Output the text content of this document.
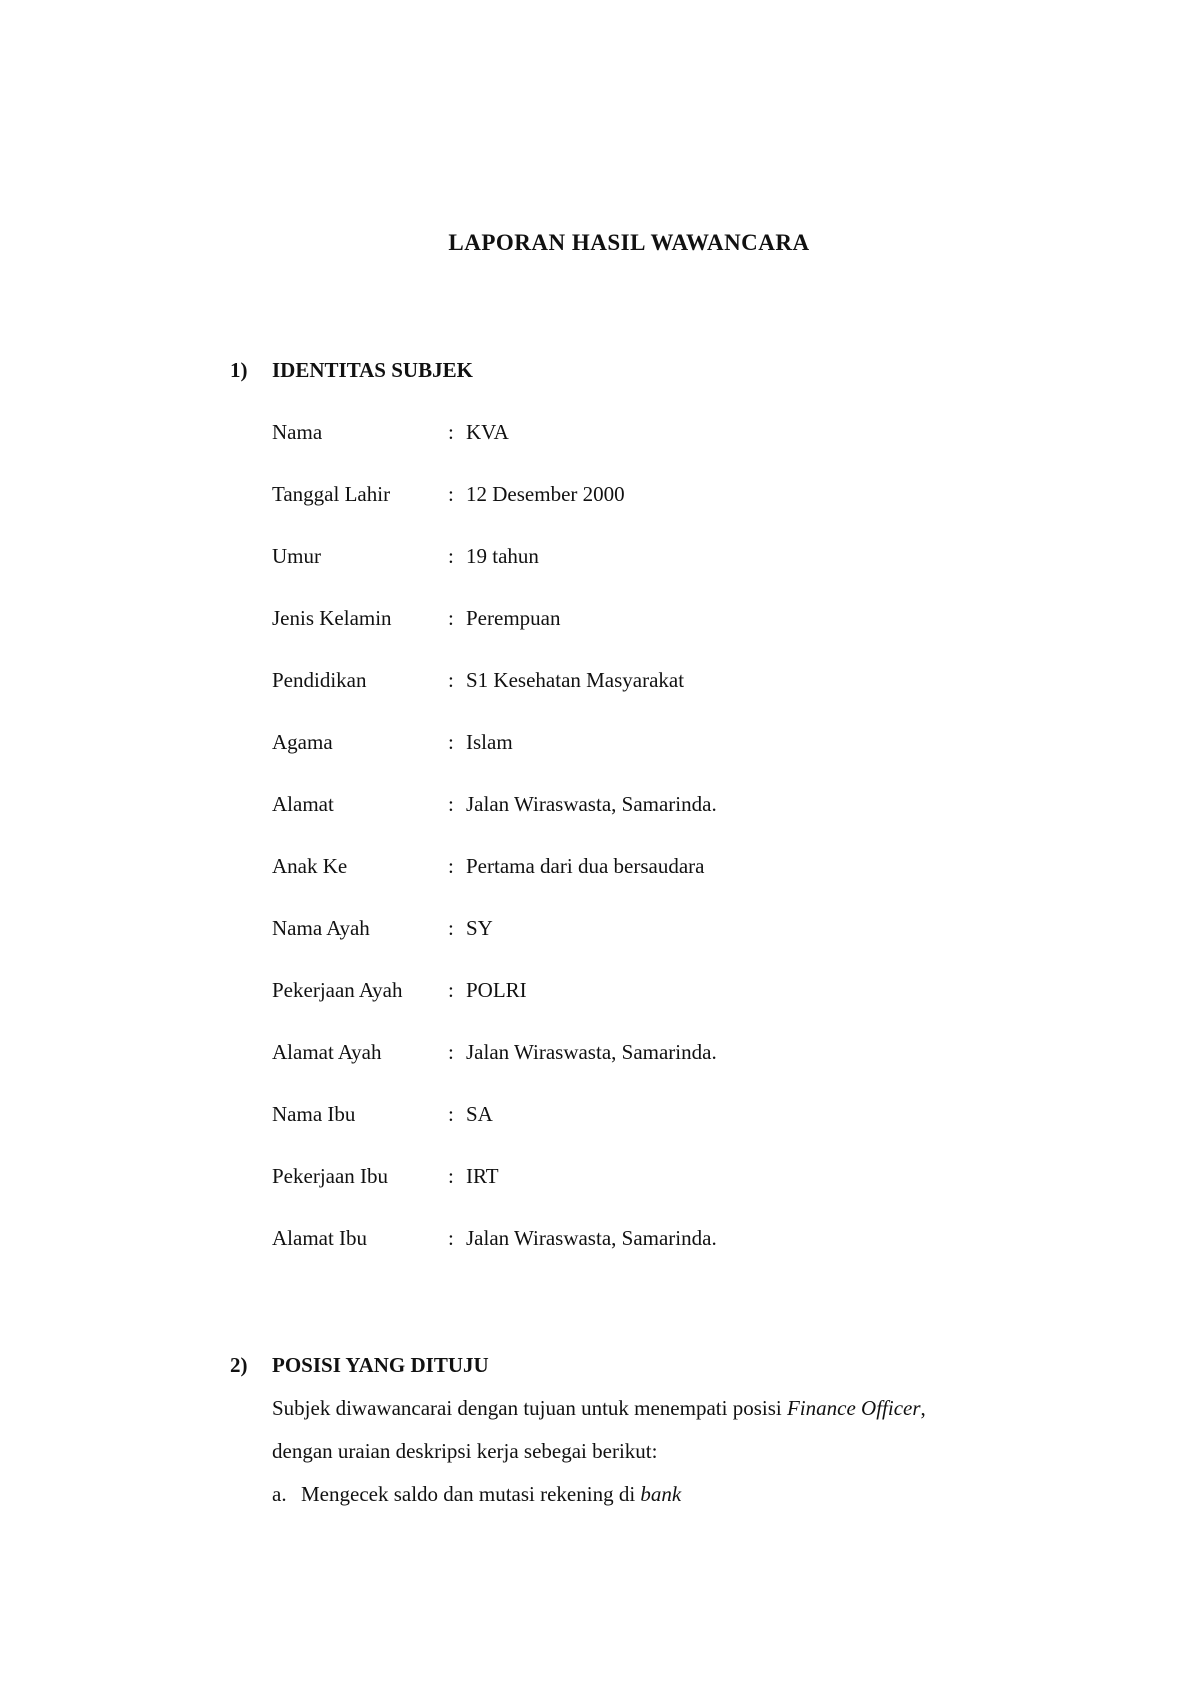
LAPORAN HASIL WAWANCARA
1) IDENTITAS SUBJEK
Nama	: KVA
Tanggal Lahir	: 12 Desember 2000
Umur	: 19 tahun
Jenis Kelamin	: Perempuan
Pendidikan	: S1 Kesehatan Masyarakat
Agama	: Islam
Alamat	: Jalan Wiraswasta, Samarinda.
Anak Ke	: Pertama dari dua bersaudara
Nama Ayah	: SY
Pekerjaan Ayah : POLRI
Alamat Ayah	: Jalan Wiraswasta, Samarinda.
Nama Ibu	: SA
Pekerjaan Ibu	: IRT
Alamat Ibu	: Jalan Wiraswasta, Samarinda.
2) POSISI YANG DITUJU
Subjek diwawancarai dengan tujuan untuk menempati posisi Finance Officer,
dengan uraian deskripsi kerja sebegai berikut:
a. Mengecek saldo dan mutasi rekening di bank
